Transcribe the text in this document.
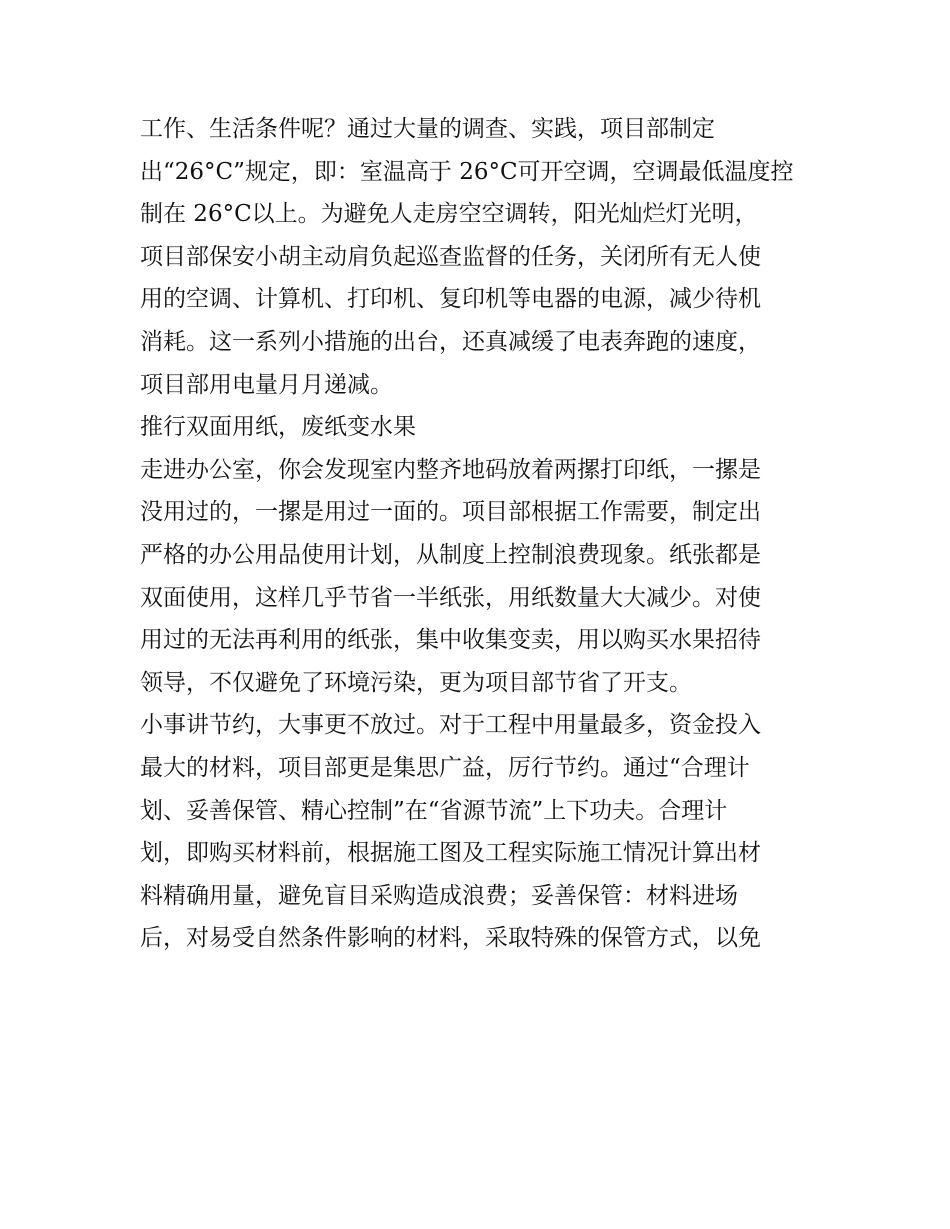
工作、生活条件呢？通过大量的调查、实践，项目部制定
出“26°C”规定，即：室温高于 26°C可开空调，空调最低温度控
制在 26°C以上。为避免人走房空空调转，阳光灿烂灯光明，
项目部保安小胡主动肩负起巡查监督的任务，关闭所有无人使
用的空调、计算机、打印机、复印机等电器的电源，减少待机
消耗。这一系列小措施的出台，还真减缓了电表奔跑的速度，
项目部用电量月月递减。
推行双面用纸，废纸变水果
走进办公室，你会发现室内整齐地码放着两摞打印纸，一摞是
没用过的，一摞是用过一面的。项目部根据工作需要，制定出
严格的办公用品使用计划，从制度上控制浪费现象。纸张都是
双面使用，这样几乎节省一半纸张，用纸数量大大减少。对使
用过的无法再利用的纸张，集中收集变卖，用以购买水果招待
领导，不仅避免了环境污染，更为项目部节省了开支。
小事讲节约，大事更不放过。对于工程中用量最多，资金投入
最大的材料，项目部更是集思广益，厉行节约。通过“合理计
划、妥善保管、精心控制”在“省源节流”上下功夫。合理计
划，即购买材料前，根据施工图及工程实际施工情况计算出材
料精确用量，避免盲目采购造成浪费；妥善保管：材料进场
后，对易受自然条件影响的材料，采取特殊的保管方式，以免
